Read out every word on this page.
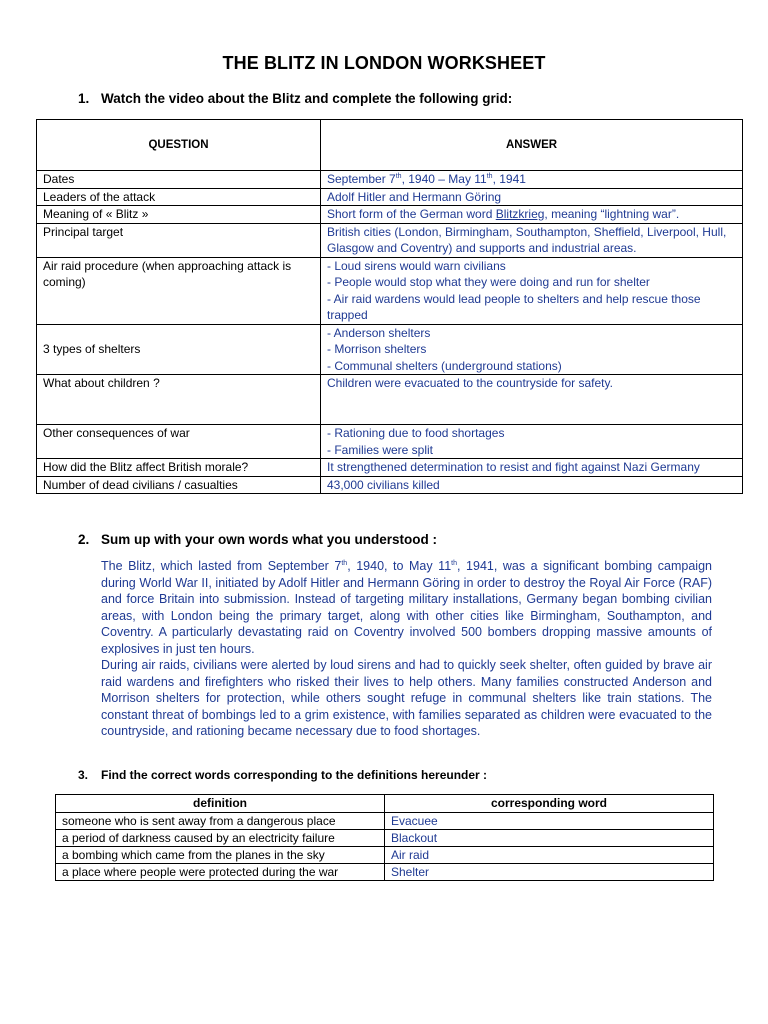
THE BLITZ IN LONDON WORKSHEET
1. Watch the video about the Blitz and complete the following grid:
QUESTION	ANSWER
Dates	September 7th, 1940 – May 11th, 1941
Leaders of the attack	Adolf Hitler and Hermann Göring
Meaning of « Blitz »	Short form of the German word Blitzkrieg, meaning “lightning war”.
Principal target	British cities (London, Birmingham, Southampton, Sheffield, Liverpool, Hull, Glasgow and Coventry) and supports and industrial areas.
Air raid procedure (when approaching attack is coming)	- Loud sirens would warn civilians
- People would stop what they were doing and run for shelter
- Air raid wardens would lead people to shelters and help rescue those trapped

3 types of shelters	- Anderson shelters
- Morrison shelters
- Communal shelters (underground stations)

What about children ?	Children were evacuated to the countryside for safety.
Other consequences of war	- Rationing due to food shortages
- Families were split

How did the Blitz affect British morale?	It strengthened determination to resist and fight against Nazi Germany
Number of dead civilians / casualties	43,000 civilians killed
2. Sum up with your own words what you understood :

The Blitz, which lasted from September 7th, 1940, to May 11th, 1941, was a significant bombing campaign during World War II, initiated by Adolf Hitler and Hermann Göring in order to destroy the Royal Air Force (RAF) and force Britain into submission. Instead of targeting military installations, Germany began bombing civilian areas, with London being the primary target, along with other cities like Birmingham, Southampton, and Coventry. A particularly devastating raid on Coventry involved 500 bombers dropping massive amounts of explosives in just ten hours.

During air raids, civilians were alerted by loud sirens and had to quickly seek shelter, often guided by brave air raid wardens and firefighters who risked their lives to help others. Many families constructed Anderson and Morrison shelters for protection, while others sought refuge in communal shelters like train stations. The constant threat of bombings led to a grim existence, with families separated as children were evacuated to the countryside, and rationing became necessary due to food shortages.

3. Find the correct words corresponding to the definitions hereunder :
definition	corresponding word
someone who is sent away from a dangerous place	Evacuee
a period of darkness caused by an electricity failure	Blackout
a bombing which came from the planes in the sky	Air raid
a place where people were protected during the war	Shelter
